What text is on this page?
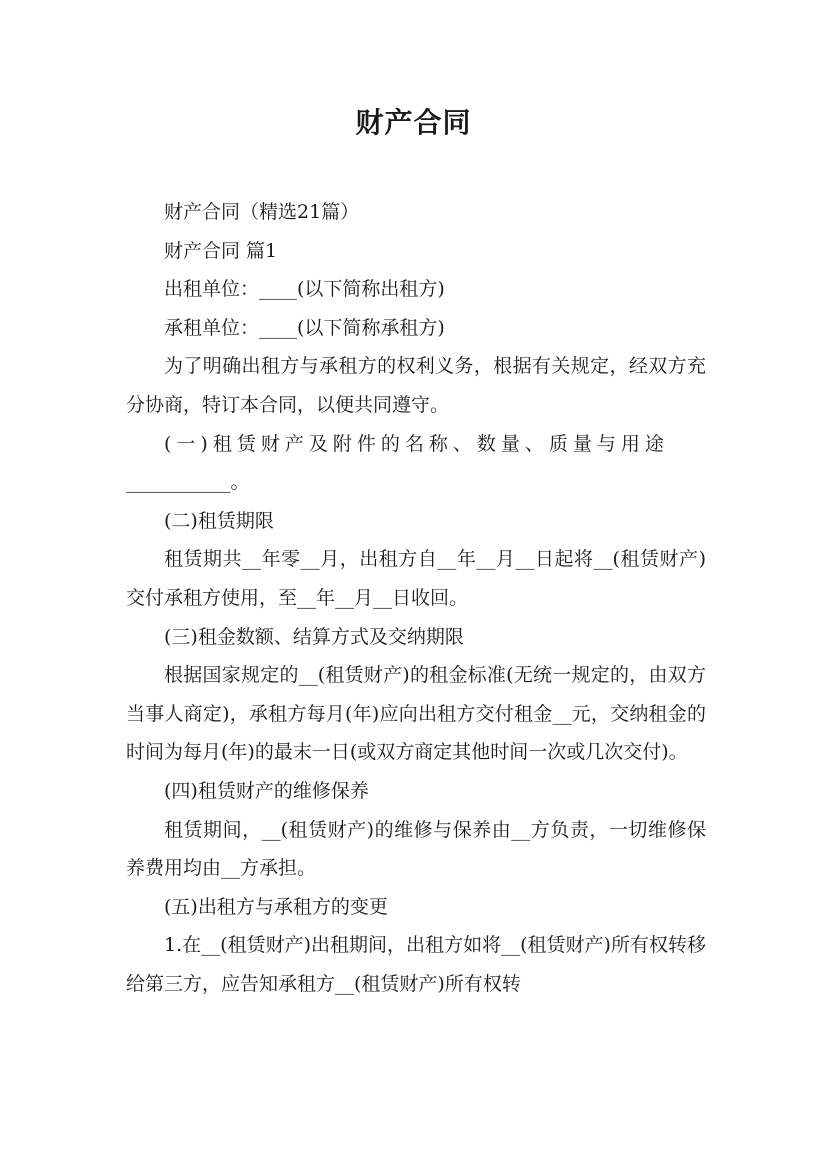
财产合同

财产合同（精选21篇）

财产合同 篇1

出租单位：____(以下简称出租方)

承租单位：____(以下简称承租方)

为了明确出租方与承租方的权利义务，根据有关规定，经双方充分协商，特订本合同，以便共同遵守。

(一)租赁财产及附件的名称、数量、质量与用途

___________。

(二)租赁期限

租赁期共__年零__月，出租方自__年__月__日起将__(租赁财产)交付承租方使用，至__年__月__日收回。

(三)租金数额、结算方式及交纳期限

根据国家规定的__(租赁财产)的租金标准(无统一规定的，由双方当事人商定)，承租方每月(年)应向出租方交付租金__元，交纳租金的时间为每月(年)的最末一日(或双方商定其他时间一次或几次交付)。

(四)租赁财产的维修保养

租赁期间，__(租赁财产)的维修与保养由__方负责，一切维修保养费用均由__方承担。

(五)出租方与承租方的变更

1.在__(租赁财产)出租期间，出租方如将__(租赁财产)所有权转移给第三方，应告知承租方__(租赁财产)所有权转
